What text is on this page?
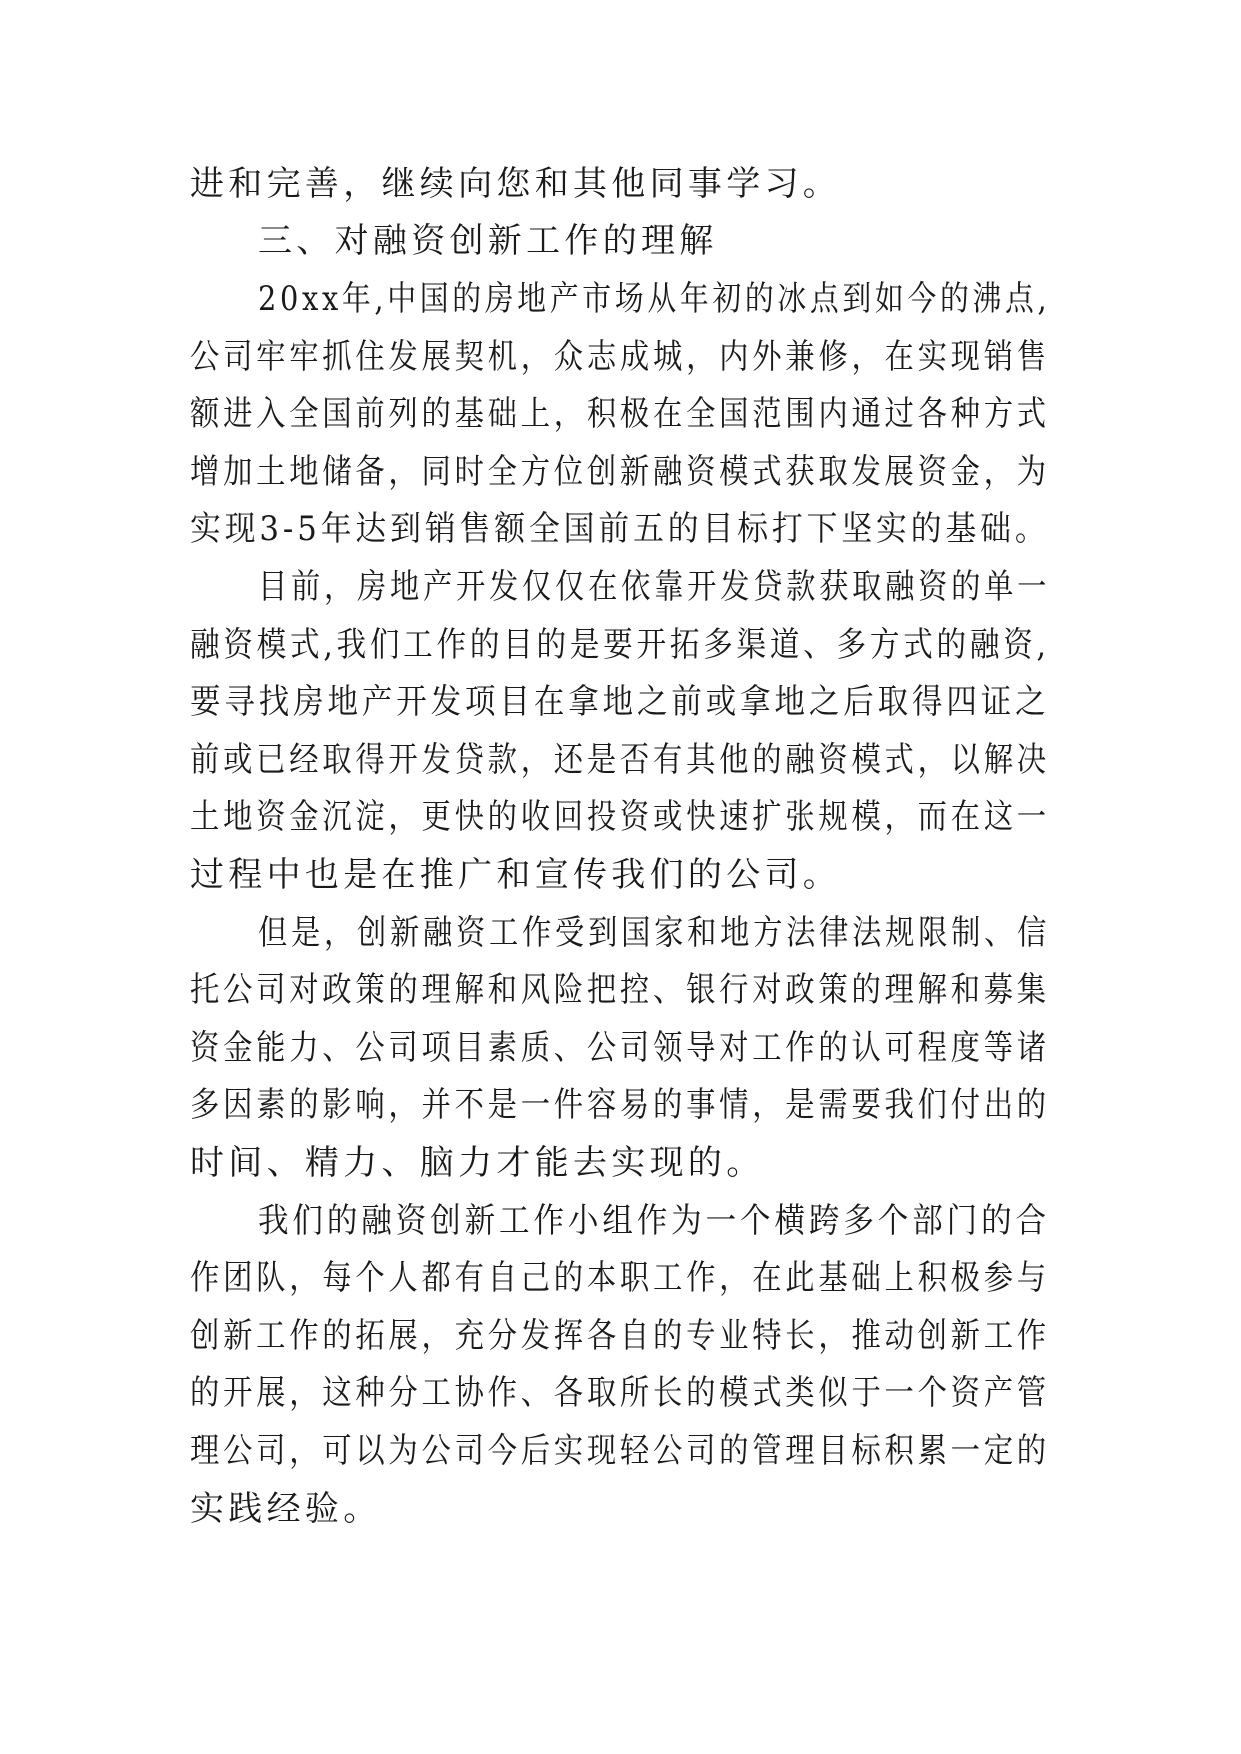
进和完善，继续向您和其他同事学习。
三、对融资创新工作的理解
20xx年,中国的房地产市场从年初的冰点到如今的沸点,
公司牢牢抓住发展契机，众志成城，内外兼修，在实现销售
额进入全国前列的基础上，积极在全国范围内通过各种方式
增加土地储备，同时全方位创新融资模式获取发展资金，为
实现3-5年达到销售额全国前五的目标打下坚实的基础。
目前，房地产开发仅仅在依靠开发贷款获取融资的单一
融资模式,我们工作的目的是要开拓多渠道、多方式的融资,
要寻找房地产开发项目在拿地之前或拿地之后取得四证之
前或已经取得开发贷款，还是否有其他的融资模式，以解决
土地资金沉淀，更快的收回投资或快速扩张规模，而在这一
过程中也是在推广和宣传我们的公司。
但是，创新融资工作受到国家和地方法律法规限制、信
托公司对政策的理解和风险把控、银行对政策的理解和募集
资金能力、公司项目素质、公司领导对工作的认可程度等诸
多因素的影响，并不是一件容易的事情，是需要我们付出的
时间、精力、脑力才能去实现的。
我们的融资创新工作小组作为一个横跨多个部门的合
作团队，每个人都有自己的本职工作，在此基础上积极参与
创新工作的拓展，充分发挥各自的专业特长，推动创新工作
的开展，这种分工协作、各取所长的模式类似于一个资产管
理公司，可以为公司今后实现轻公司的管理目标积累一定的
实践经验。
